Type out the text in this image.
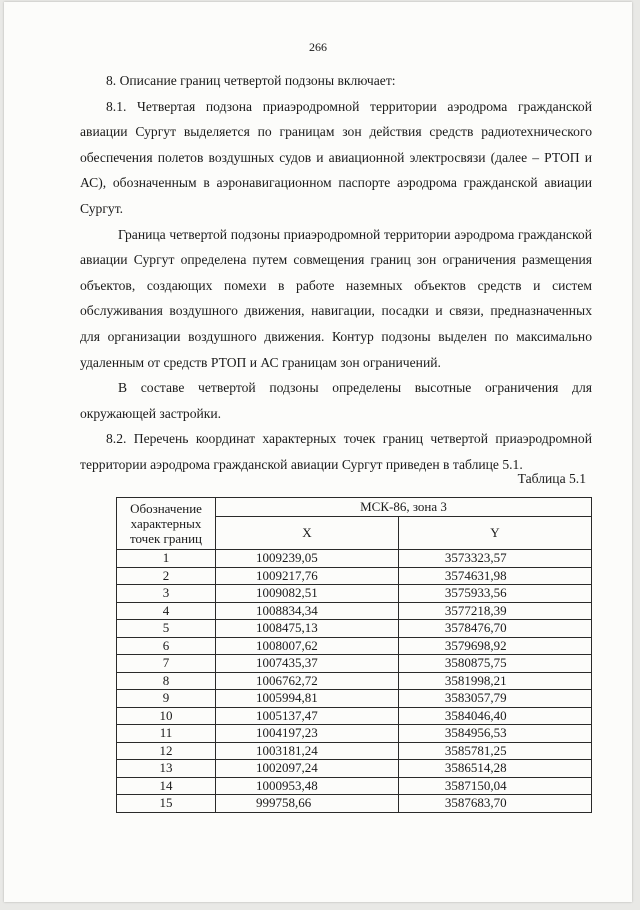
266

8. Описание границ четвертой подзоны включает:

8.1. Четвертая подзона приаэродромной территории аэродрома гражданской авиации Сургут выделяется по границам зон действия средств радиотехнического обеспечения полетов воздушных судов и авиационной электросвязи (далее – РТОП и АС), обозначенным в аэронавигационном паспорте аэродрома гражданской авиации Сургут.

Граница четвертой подзоны приаэродромной территории аэродрома гражданской авиации Сургут определена путем совмещения границ зон ограничения размещения объектов, создающих помехи в работе наземных объектов средств и систем обслуживания воздушного движения, навигации, посадки и связи, предназначенных для организации воздушного движения. Контур подзоны выделен по максимально удаленным от средств РТОП и АС границам зон ограничений.

В составе четвертой подзоны определены высотные ограничения для окружающей застройки.

8.2. Перечень координат характерных точек границ четвертой приаэродромной территории аэродрома гражданской авиации Сургут приведен в таблице 5.1.

Таблица 5.1
Обозначение характерных точек границ	МСК-86, зона 3	
	X	Y
1	1009239,05	3573323,57
2	1009217,76	3574631,98
3	1009082,51	3575933,56
4	1008834,34	3577218,39
5	1008475,13	3578476,70
6	1008007,62	3579698,92
7	1007435,37	3580875,75
8	1006762,72	3581998,21
9	1005994,81	3583057,79
10	1005137,47	3584046,40
11	1004197,23	3584956,53
12	1003181,24	3585781,25
13	1002097,24	3586514,28
14	1000953,48	3587150,04
15	999758,66	3587683,70
